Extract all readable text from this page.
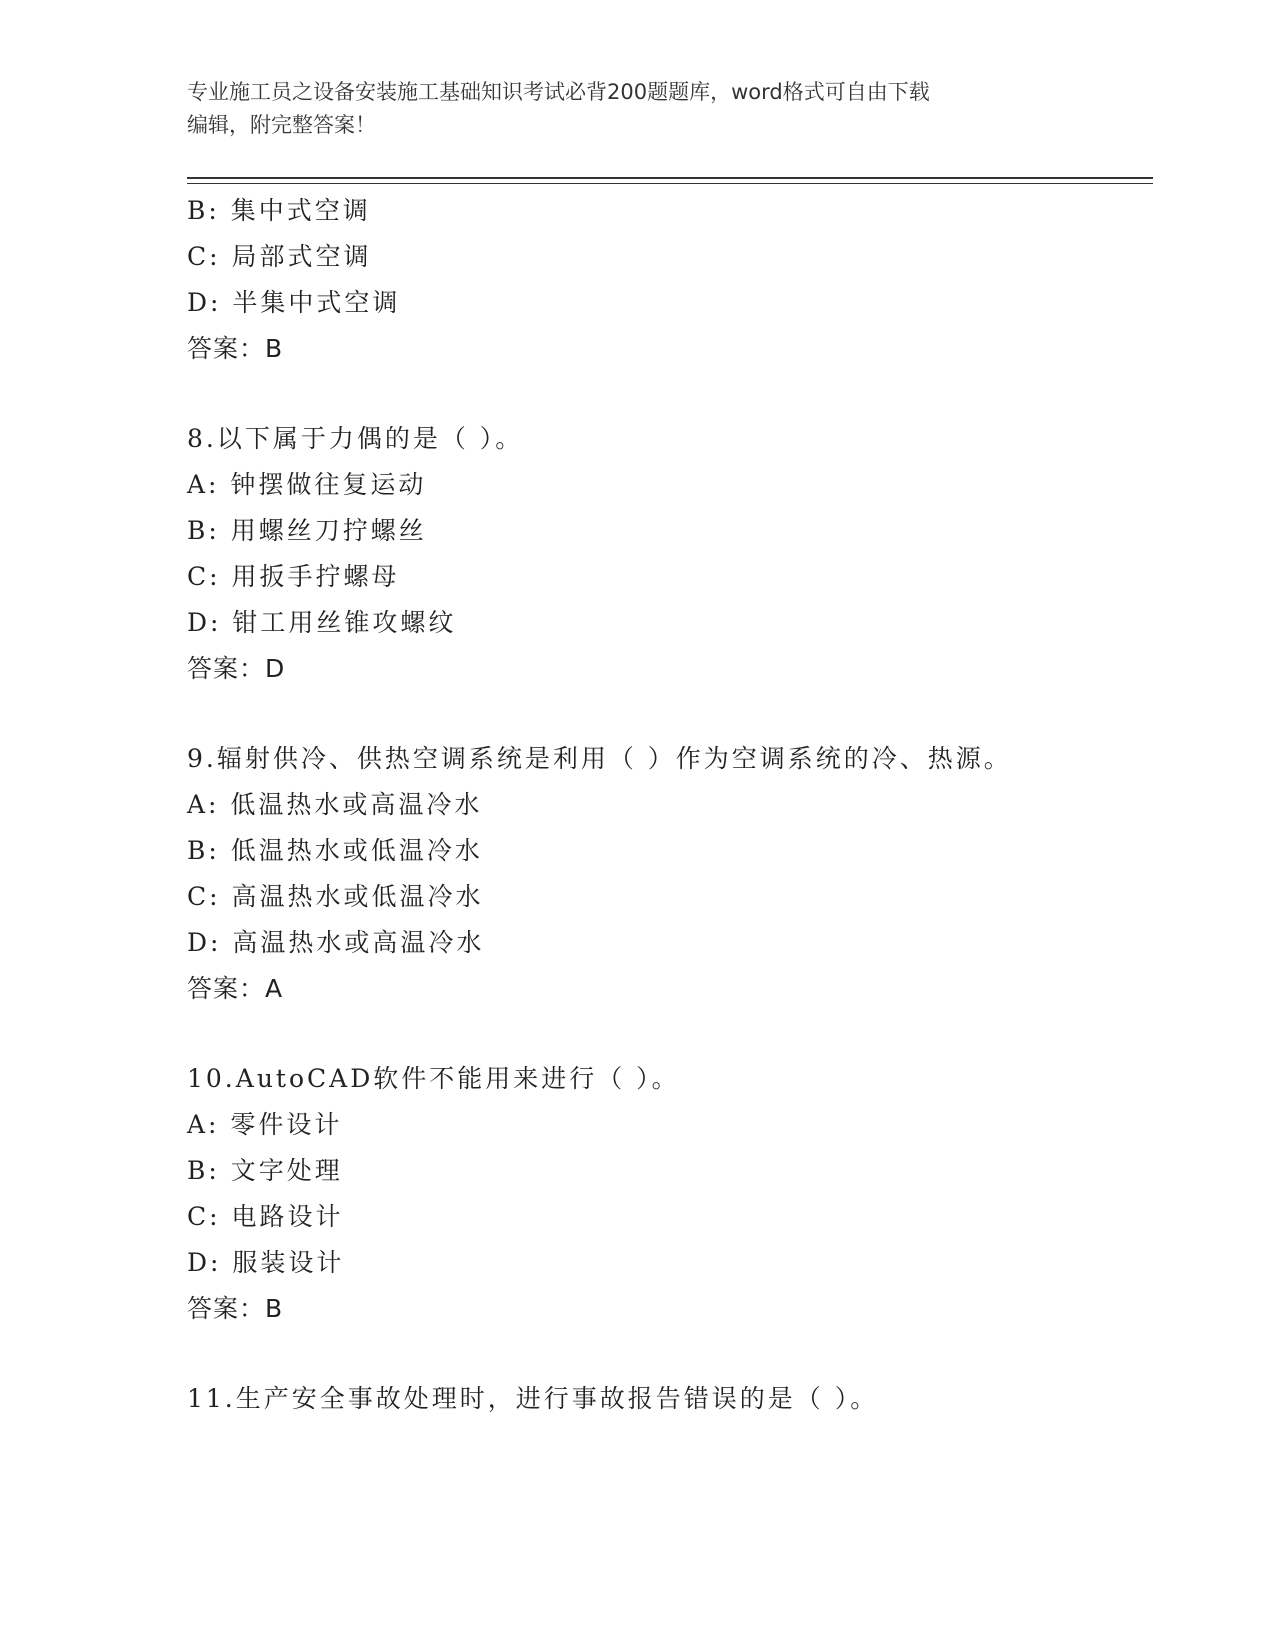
专业施工员之设备安装施工基础知识考试必背200题题库，word格式可自由下载
编辑，附完整答案！
B: 集中式空调
C: 局部式空调
D: 半集中式空调
答案：B
8.以下属于力偶的是（ ）。
A: 钟摆做往复运动
B: 用螺丝刀拧螺丝
C: 用扳手拧螺母
D: 钳工用丝锥攻螺纹
答案：D
9.辐射供冷、供热空调系统是利用（ ）作为空调系统的冷、热源。
A: 低温热水或高温冷水
B: 低温热水或低温冷水
C: 高温热水或低温冷水
D: 高温热水或高温冷水
答案：A
10.AutoCAD软件不能用来进行（ ）。
A: 零件设计
B: 文字处理
C: 电路设计
D: 服装设计
答案：B
11.生产安全事故处理时，进行事故报告错误的是（ ）。
